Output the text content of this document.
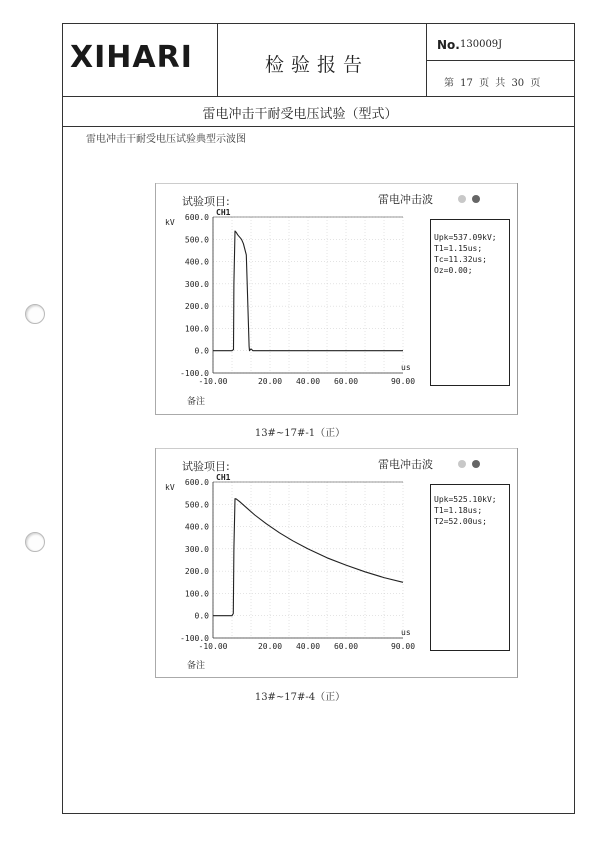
XIHARI	检验报告
No. 130009J
第 17 页 共 30 页
雷电冲击干耐受电压试验（型式）
雷电冲击干耐受电压试验典型示波图
试验项目:	雷电冲击波
Upk=537.09kV;
T1=1.15us;
Tc=11.32us;
Oz=0.00;
600.0
500.0
400.0
300.0
200.0
100.0
0.0
-100.0
-10.00	20.00 40.00 60.00	90.00
kV
us
CH1
备注
13#~17#-1（正）
试验项目:	雷电冲击波
Upk=525.10kV;
T1=1.18us;
T2=52.00us;
600.0
500.0
400.0
300.0
200.0
100.0
0.0
-100.0
-10.00	20.00 40.00 60.00	90.00
kV
us
CH1
备注
13#~17#-4（正）
